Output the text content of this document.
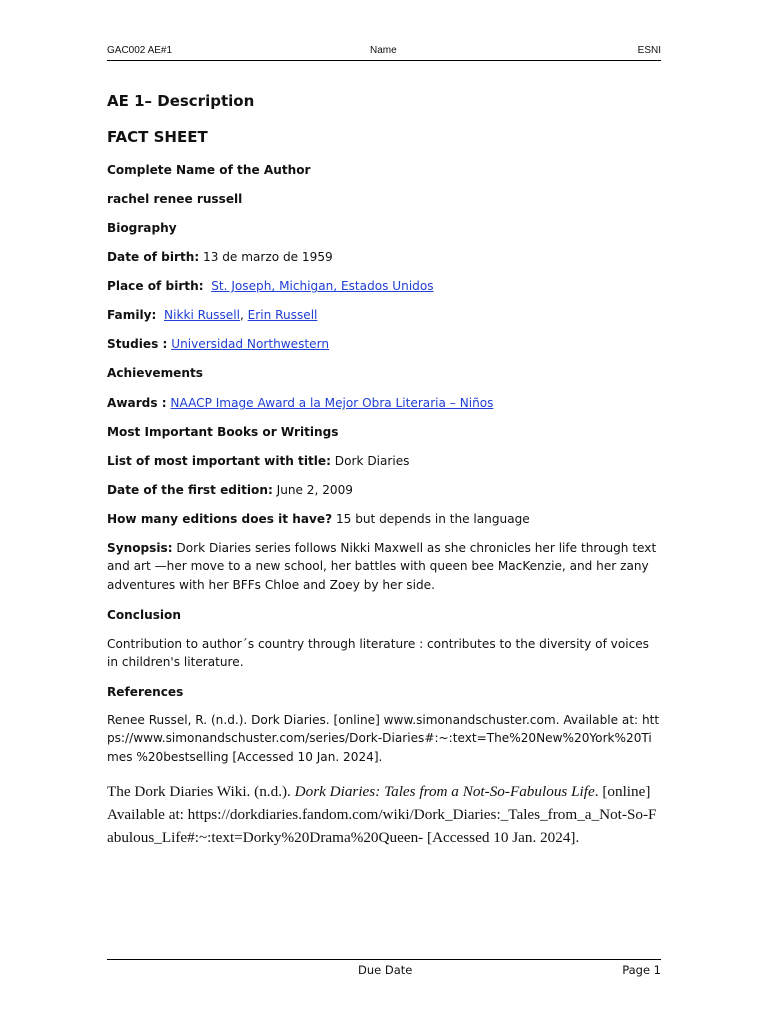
GAC002 AE#1	Name	ESNI
AE 1– Description
FACT SHEET
Complete Name of the Author
rachel renee russell
Biography
Date of birth: 13 de marzo de 1959
Place of birth: St. Joseph, Michigan, Estados Unidos
Family: Nikki Russell, Erin Russell
Studies : Universidad Northwestern
Achievements
Awards : NAACP Image Award a la Mejor Obra Literaria – Niños
Most Important Books or Writings
List of most important with title: Dork Diaries
Date of the first edition: June 2, 2009
How many editions does it have? 15 but depends in the language
Synopsis: Dork Diaries series follows Nikki Maxwell as she chronicles her life through text and art —her move to a new school, her battles with queen bee MacKenzie, and her zany adventures with her BFFs Chloe and Zoey by her side.
Conclusion
Contribution to author´s country through literature : contributes to the diversity of voices in children's literature.
References
Renee Russel, R. (n.d.). Dork Diaries. [online] www.simonandschuster.com. Available at: https://www.simonandschuster.com/series/Dork-Diaries#:~:text=The%20New%20York%20Times %20bestselling [Accessed 10 Jan. 2024].
The Dork Diaries Wiki. (n.d.). Dork Diaries: Tales from a Not-So-Fabulous Life. [online] Available at: https://dorkdiaries.fandom.com/wiki/Dork_Diaries:_Tales_from_a_Not-So-Fabulous_Life#:~:text=Dorky%20Drama%20Queen- [Accessed 10 Jan. 2024].
Due Date	Page 1
